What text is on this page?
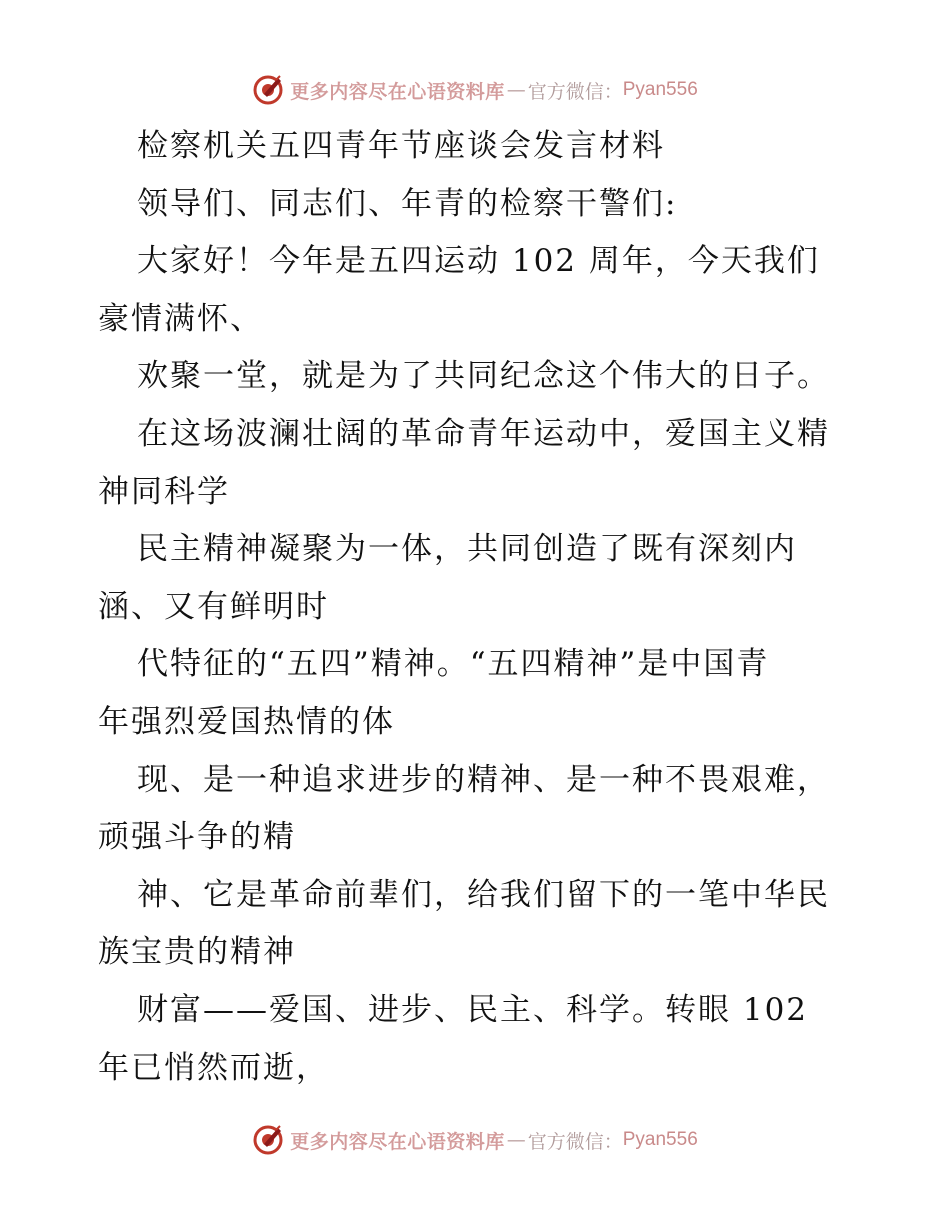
更多内容尽在心语资料库 — 官方微信： Pyan556
检察机关五四青年节座谈会发言材料
领导们、同志们、年青的检察干警们:
大家好！今年是五四运动 102 周年，今天我们
豪情满怀、
欢聚一堂，就是为了共同纪念这个伟大的日子。
在这场波澜壮阔的革命青年运动中，爱国主义精
神同科学
民主精神凝聚为一体，共同创造了既有深刻内
涵、又有鲜明时
代特征的“五四”精神。“五四精神”是中国青
年强烈爱国热情的体
现、是一种追求进步的精神、是一种不畏艰难，
顽强斗争的精
神、它是革命前辈们，给我们留下的一笔中华民
族宝贵的精神
财富——爱国、进步、民主、科学。转眼 102
年已悄然而逝，
更多内容尽在心语资料库 — 官方微信： Pyan556
